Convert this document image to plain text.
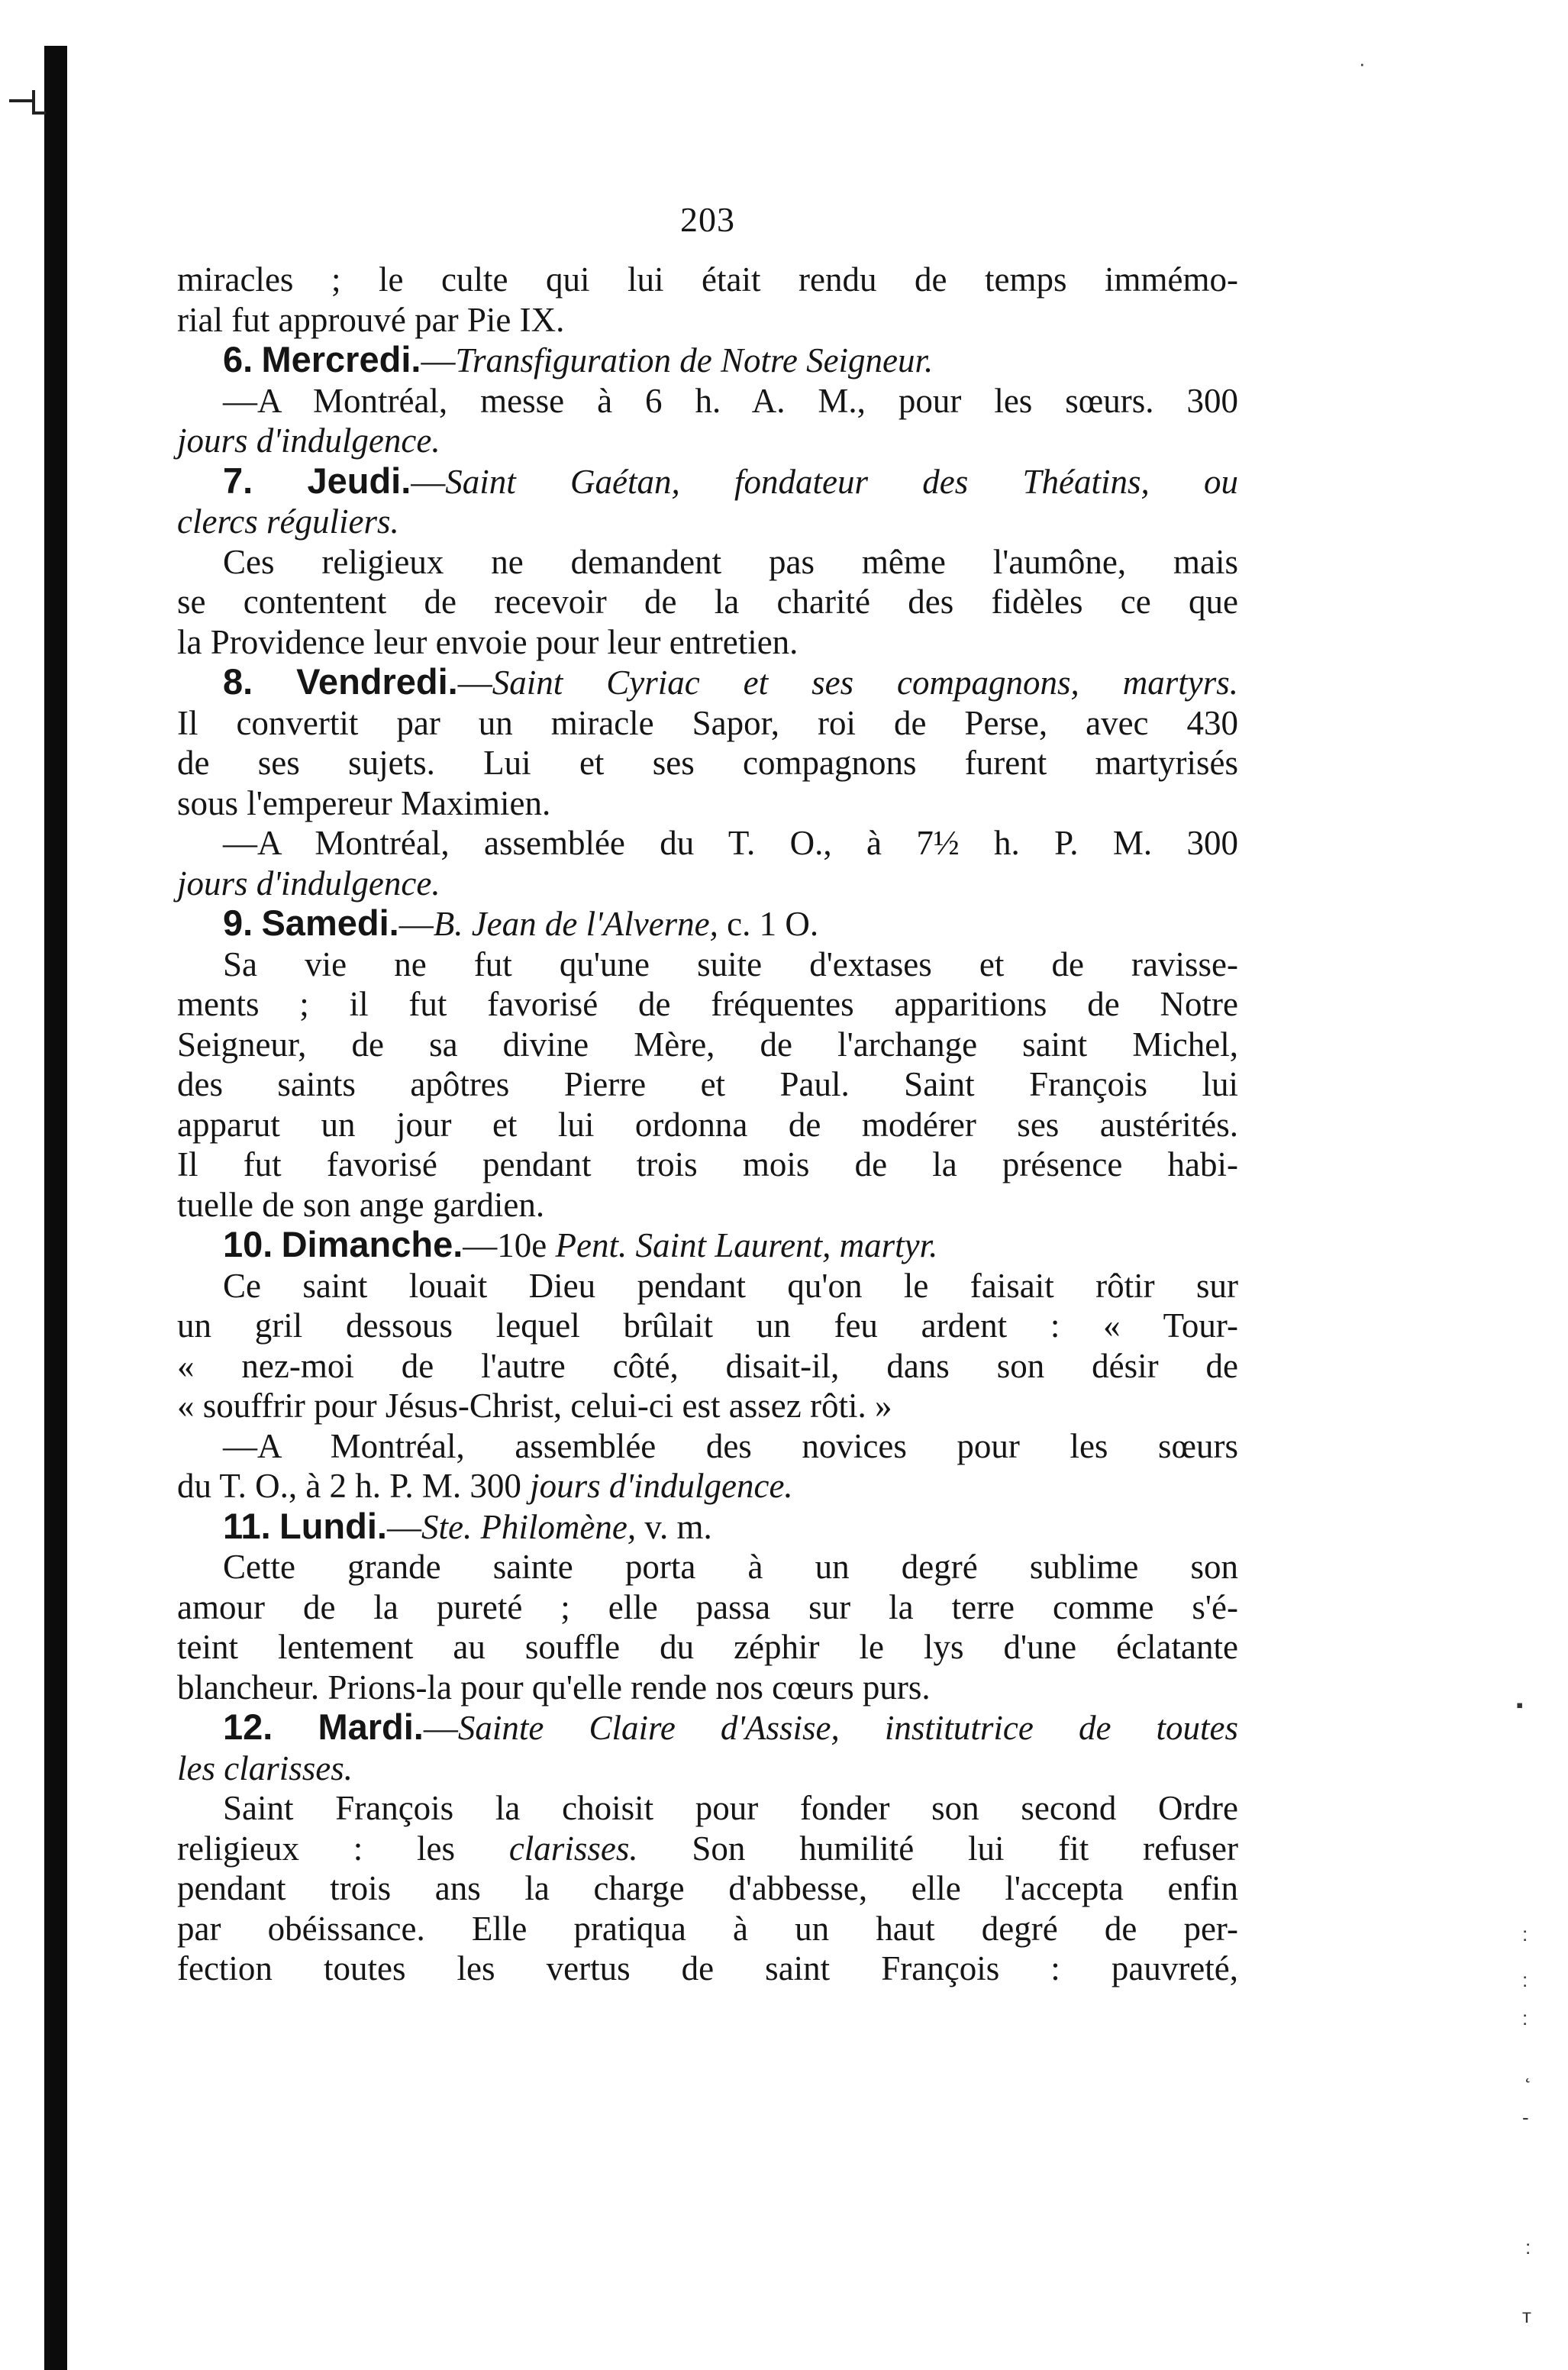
·
▪
:
:
:
˛
-
:
ᴛ
203
miracles ; le culte qui lui était rendu de temps immémo-
rial fut approuvé par Pie IX.
6. Mercredi.—Transfiguration de Notre Seigneur.
—A Montréal, messe à 6 h. A. M., pour les sœurs. 300
jours d'indulgence.
7. Jeudi.—Saint Gaétan, fondateur des Théatins, ou
clercs réguliers.
Ces religieux ne demandent pas même l'aumône, mais
se contentent de recevoir de la charité des fidèles ce que
la Providence leur envoie pour leur entretien.
8. Vendredi.—Saint Cyriac et ses compagnons, martyrs.
Il convertit par un miracle Sapor, roi de Perse, avec 430
de ses sujets. Lui et ses compagnons furent martyrisés
sous l'empereur Maximien.
—A Montréal, assemblée du T. O., à 7½ h. P. M. 300
jours d'indulgence.
9. Samedi.—B. Jean de l'Alverne, c. 1 O.
Sa vie ne fut qu'une suite d'extases et de ravisse-
ments ; il fut favorisé de fréquentes apparitions de Notre
Seigneur, de sa divine Mère, de l'archange saint Michel,
des saints apôtres Pierre et Paul. Saint François lui
apparut un jour et lui ordonna de modérer ses austérités.
Il fut favorisé pendant trois mois de la présence habi-
tuelle de son ange gardien.
10. Dimanche.—10e Pent. Saint Laurent, martyr.
Ce saint louait Dieu pendant qu'on le faisait rôtir sur
un gril dessous lequel brûlait un feu ardent : « Tour-
« nez-moi de l'autre côté, disait-il, dans son désir de
« souffrir pour Jésus-Christ, celui-ci est assez rôti. »
—A Montréal, assemblée des novices pour les sœurs
du T. O., à 2 h. P. M. 300 jours d'indulgence.
11. Lundi.—Ste. Philomène, v. m.
Cette grande sainte porta à un degré sublime son
amour de la pureté ; elle passa sur la terre comme s'é-
teint lentement au souffle du zéphir le lys d'une éclatante
blancheur. Prions-la pour qu'elle rende nos cœurs purs.
12. Mardi.—Sainte Claire d'Assise, institutrice de toutes
les clarisses.
Saint François la choisit pour fonder son second Ordre
religieux : les clarisses. Son humilité lui fit refuser
pendant trois ans la charge d'abbesse, elle l'accepta enfin
par obéissance. Elle pratiqua à un haut degré de per-
fection toutes les vertus de saint François : pauvreté,
